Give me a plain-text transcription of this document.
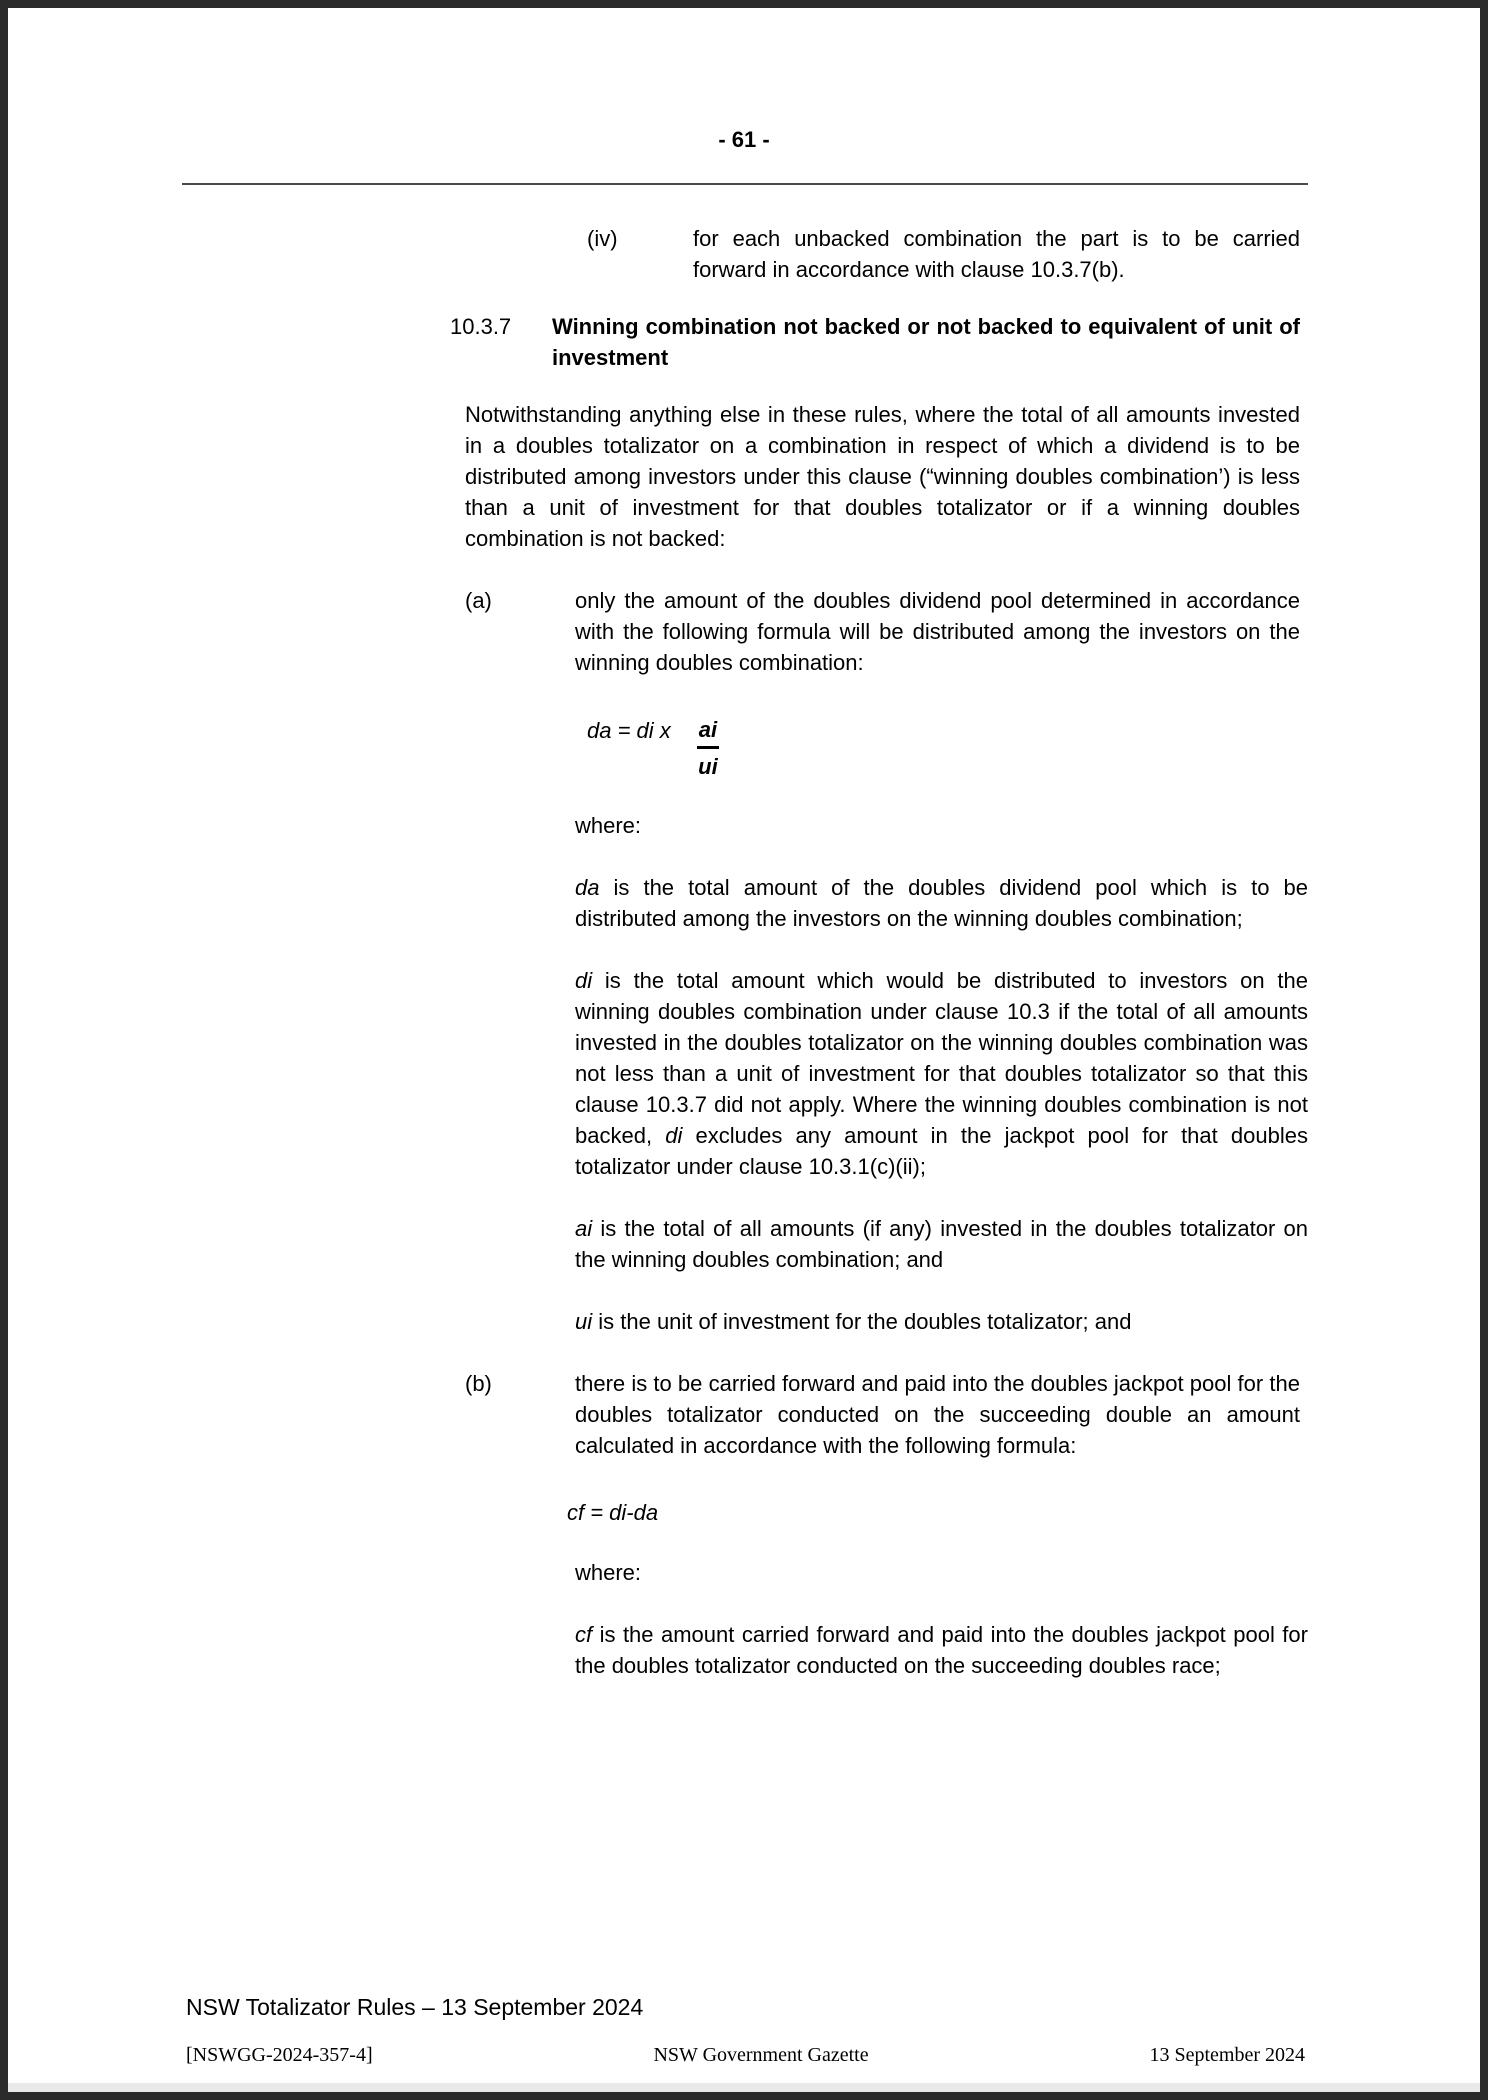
- 61 -
(iv)	for each unbacked combination the part is to be carried forward in accordance with clause 10.3.7(b).
10.3.7	Winning combination not backed or not backed to equivalent of unit of investment
Notwithstanding anything else in these rules, where the total of all amounts invested in a doubles totalizator on a combination in respect of which a dividend is to be distributed among investors under this clause (“winning doubles combination’) is less than a unit of investment for that doubles totalizator or if a winning doubles combination is not backed:
(a)	only the amount of the doubles dividend pool determined in accordance with the following formula will be distributed among the investors on the winning doubles combination:
da = di x $\frac{ai}{ui}$
where:
da is the total amount of the doubles dividend pool which is to be distributed among the investors on the winning doubles combination;
di is the total amount which would be distributed to investors on the winning doubles combination under clause 10.3 if the total of all amounts invested in the doubles totalizator on the winning doubles combination was not less than a unit of investment for that doubles totalizator so that this clause 10.3.7 did not apply. Where the winning doubles combination is not backed, di excludes any amount in the jackpot pool for that doubles totalizator under clause 10.3.1(c)(ii);
ai is the total of all amounts (if any) invested in the doubles totalizator on the winning doubles combination; and
ui is the unit of investment for the doubles totalizator; and
(b)	there is to be carried forward and paid into the doubles jackpot pool for the doubles totalizator conducted on the succeeding double an amount calculated in accordance with the following formula:
cf = di-da
where:
cf is the amount carried forward and paid into the doubles jackpot pool for the doubles totalizator conducted on the succeeding doubles race;
NSW Totalizator Rules – 13 September 2024
[NSWGG-2024-357-4]	NSW Government Gazette	13 September 2024
